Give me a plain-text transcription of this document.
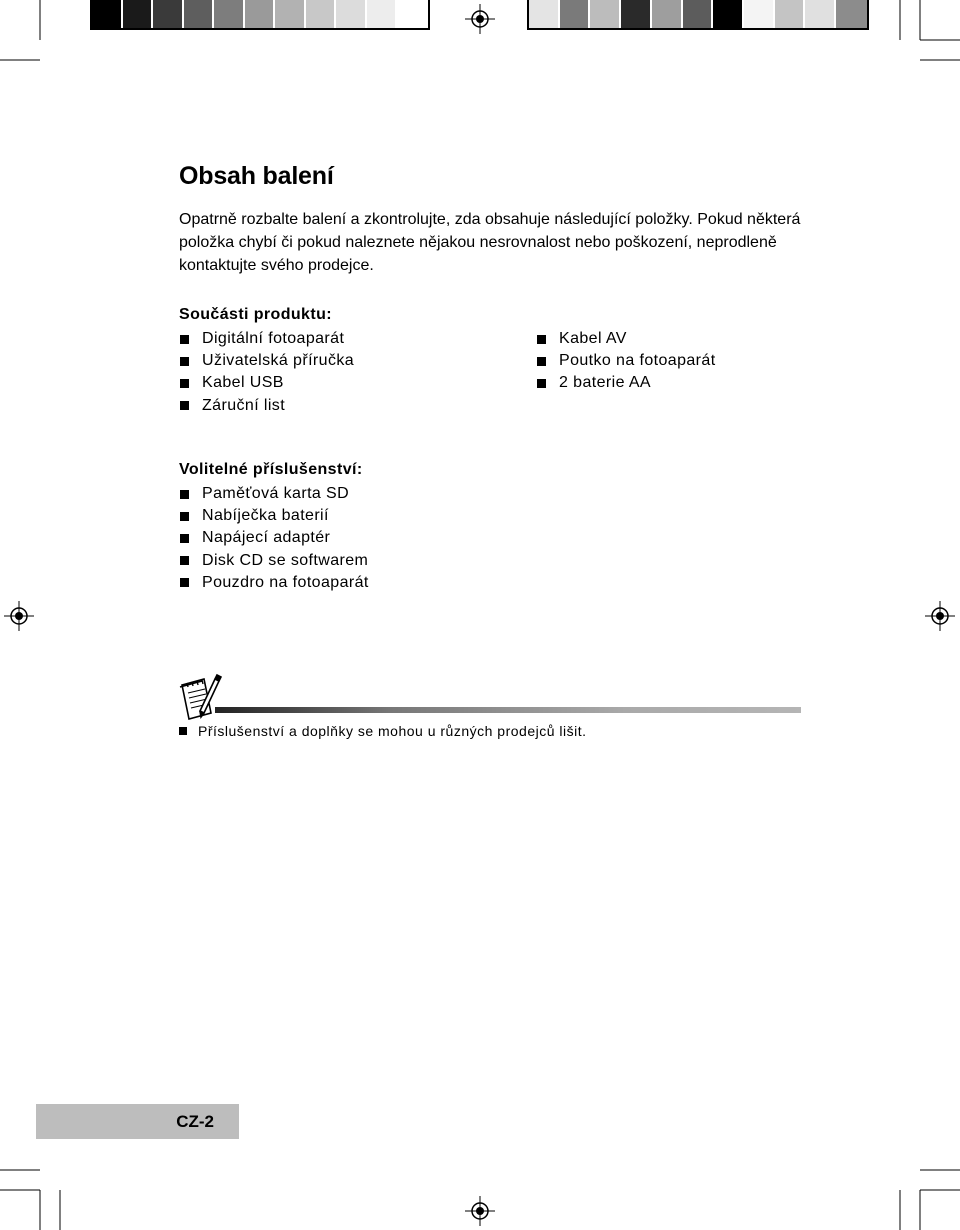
Obsah balení

Opatrně rozbalte balení a zkontrolujte, zda obsahuje následující položky. Pokud některá položka chybí či pokud naleznete nějakou nesrovnalost nebo poškození, neprodleně kontaktujte svého prodejce.

Součásti produktu:
Digitální fotoaparát
Uživatelská příručka
Kabel USB
Záruční list
Kabel AV
Poutko na fotoaparát
2 baterie AA
Volitelné příslušenství:
Paměťová karta SD
Nabíječka baterií
Napájecí adaptér
Disk CD se softwarem
Pouzdro na fotoaparát
Příslušenství a doplňky se mohou u různých prodejců lišit.
CZ-2
